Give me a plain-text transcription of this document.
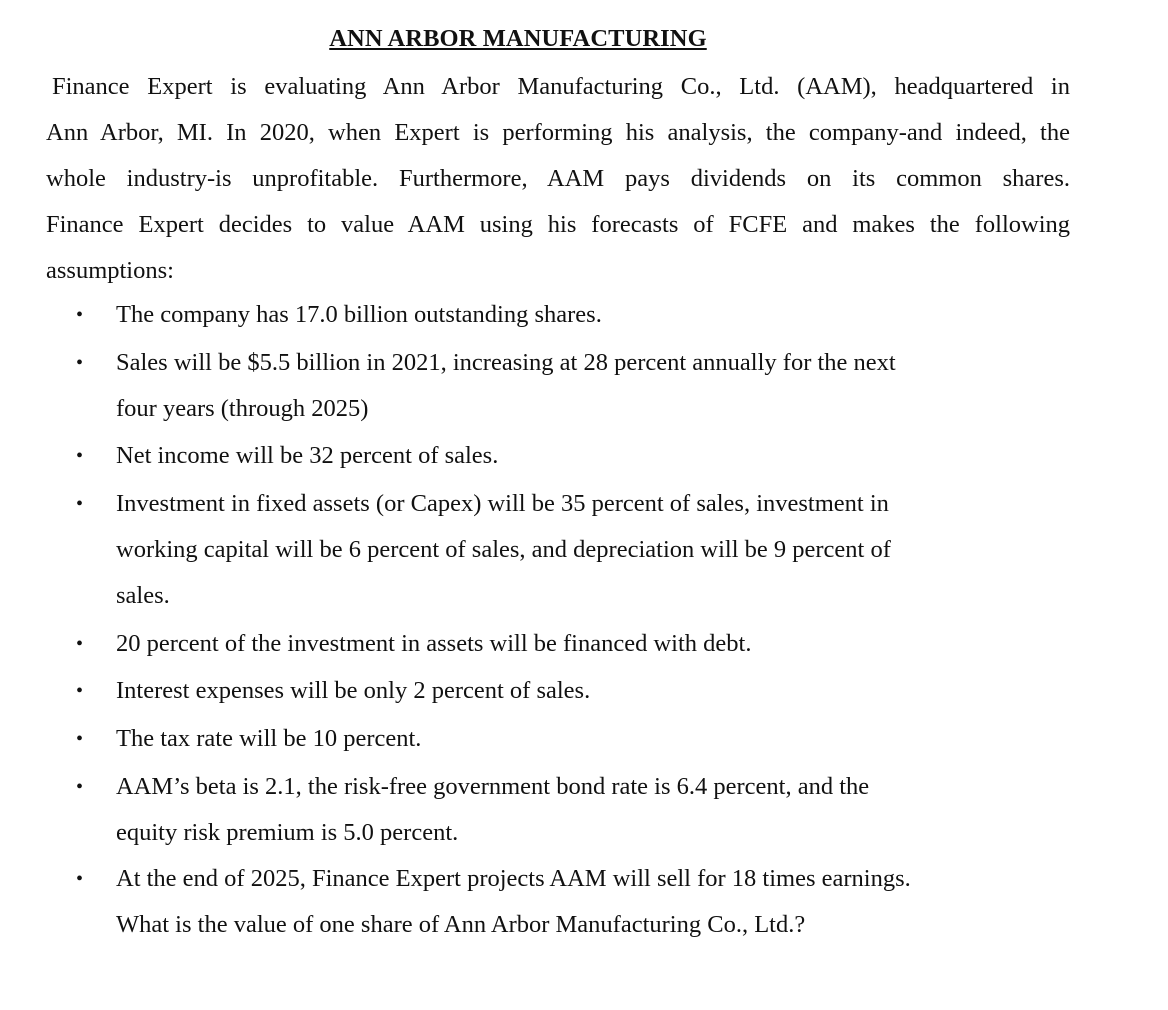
ANN ARBOR MANUFACTURING
Finance Expert is evaluating Ann Arbor Manufacturing Co., Ltd. (AAM), headquartered in
Ann Arbor, MI. In 2020, when Expert is performing his analysis, the company-and indeed, the
whole industry-is unprofitable. Furthermore, AAM pays dividends on its common shares.
Finance Expert decides to value AAM using his forecasts of FCFE and makes the following
assumptions:
• The company has 17.0 billion outstanding shares.
• Sales will be $5.5 billion in 2021, increasing at 28 percent annually for the next
four years (through 2025)
• Net income will be 32 percent of sales.
• Investment in fixed assets (or Capex) will be 35 percent of sales, investment in
working capital will be 6 percent of sales, and depreciation will be 9 percent of
sales.
• 20 percent of the investment in assets will be financed with debt.
• Interest expenses will be only 2 percent of sales.
• The tax rate will be 10 percent.
• AAM’s beta is 2.1, the risk-free government bond rate is 6.4 percent, and the
equity risk premium is 5.0 percent.
• At the end of 2025, Finance Expert projects AAM will sell for 18 times earnings.
What is the value of one share of Ann Arbor Manufacturing Co., Ltd.?
